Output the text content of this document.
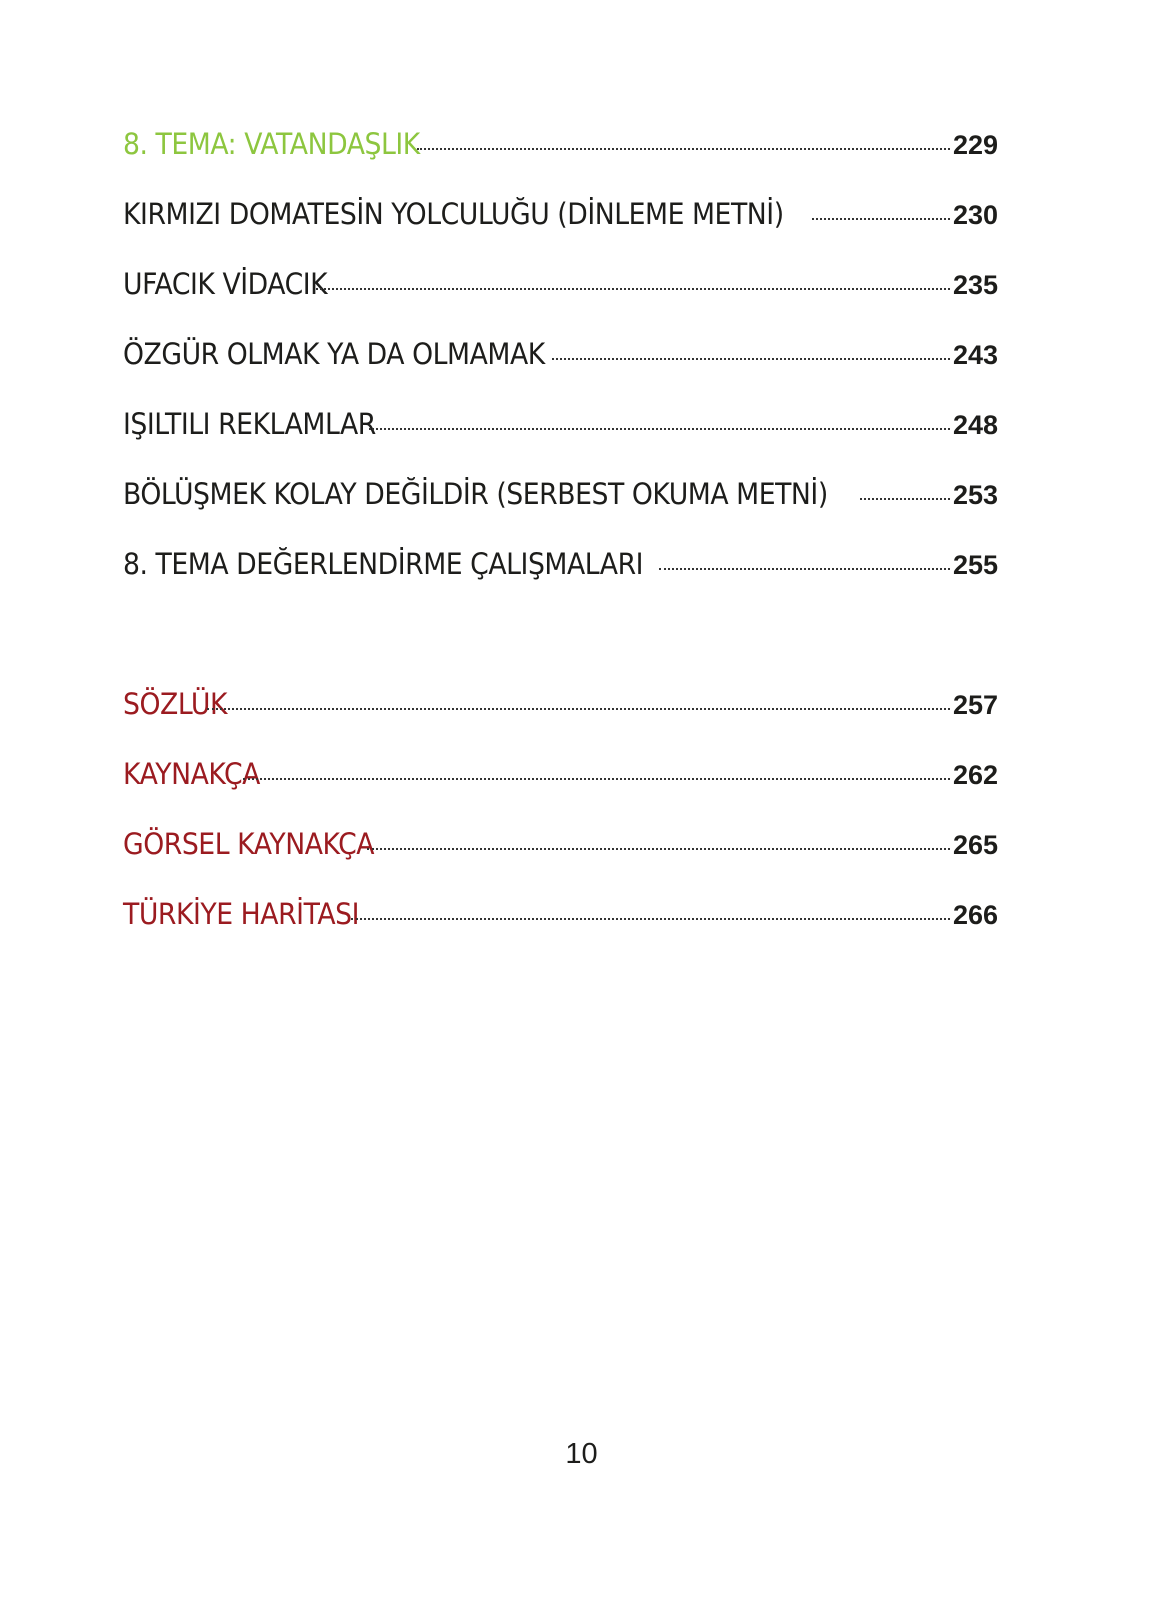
8. TEMA: VATANDAŞLIK	229
KIRMIZI DOMATESİN YOLCULUĞU (DİNLEME METNİ)	230
UFACIK VİDACIK	235
ÖZGÜR OLMAK YA DA OLMAMAK	243
IŞILTILI REKLAMLAR	248
BÖLÜŞMEK KOLAY DEĞİLDİR (SERBEST OKUMA METNİ)	253
8. TEMA DEĞERLENDİRME ÇALIŞMALARI	255
SÖZLÜK	257
KAYNAKÇA	262
GÖRSEL KAYNAKÇA	265
TÜRKİYE HARİTASI	266
10
